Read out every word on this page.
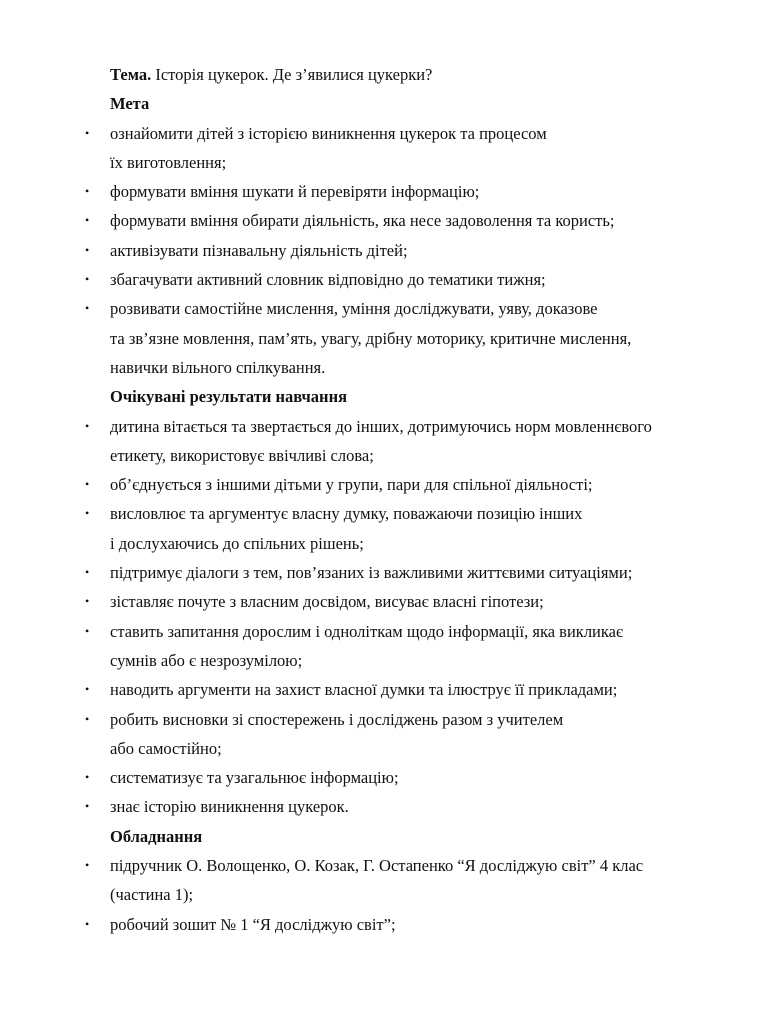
Тема. Історія цукерок. Де з’явилися цукерки?
Мета
• ознайомити дітей з історією виникнення цукерок та процесом
їх виготовлення;
• формувати вміння шукати й перевіряти інформацію;
• формувати вміння обирати діяльність, яка несе задоволення та користь;
• активізувати пізнавальну діяльність дітей;
• збагачувати активний словник відповідно до тематики тижня;
• розвивати самостійне мислення, уміння досліджувати, уяву, доказове
та зв’язне мовлення, пам’ять, увагу, дрібну моторику, критичне мислення,
навички вільного спілкування.
Очікувані результати навчання
• дитина вітається та звертається до інших, дотримуючись норм мовленнєвого
етикету, використовує ввічливі слова;
• об’єднується з іншими дітьми у групи, пари для спільної діяльності;
• висловлює та аргументує власну думку, поважаючи позицію інших
і дослухаючись до спільних рішень;
• підтримує діалоги з тем, пов’язаних із важливими життєвими ситуаціями;
• зіставляє почуте з власним досвідом, висуває власні гіпотези;
• ставить запитання дорослим і одноліткам щодо інформації, яка викликає
сумнів або є незрозумілою;
• наводить аргументи на захист власної думки та ілюструє її прикладами;
• робить висновки зі спостережень і досліджень разом з учителем
або самостійно;
• систематизує та узагальнює інформацію;
• знає історію виникнення цукерок.
Обладнання
• підручник О. Волощенко, О. Козак, Г. Остапенко “Я досліджую світ” 4 клас
(частина 1);
• робочий зошит № 1 “Я досліджую світ”;
